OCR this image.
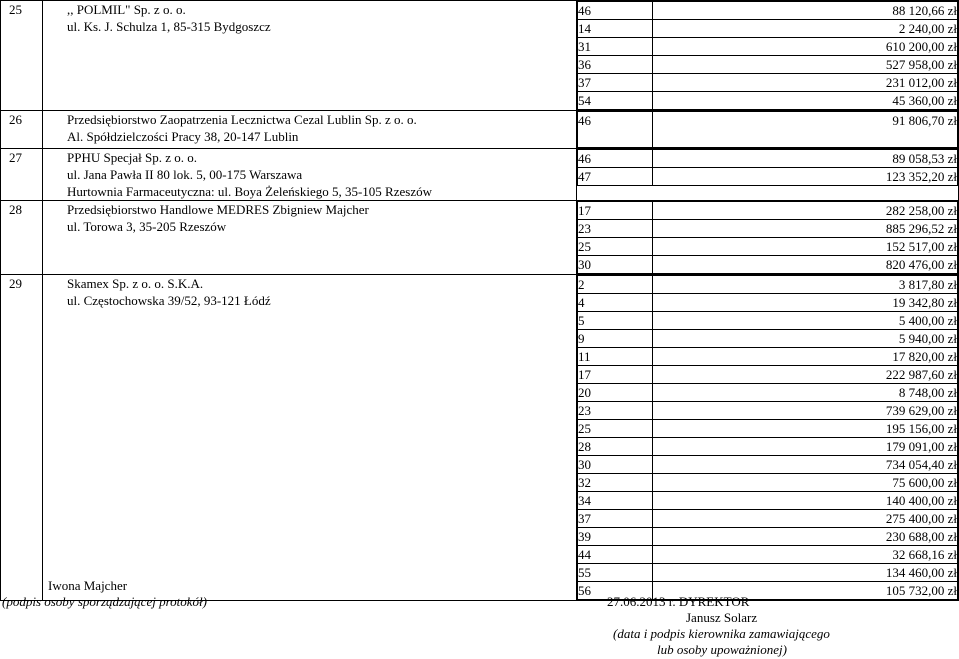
25	,, POLMIL" Sp. z o. o.
ul. Ks. J. Schulza 1, 85-315 Bydgoszcz

46	88 120,66 zł
14	2 240,00 zł
31	610 200,00 zł
36	527 958,00 zł
37	231 012,00 zł
54	45 360,00 zł

26	Przedsiębiorstwo Zaopatrzenia Lecznictwa Cezal Lublin Sp. z o. o.
Al. Spółdzielczości Pracy 38, 20-147 Lublin

46	91 806,70 zł

27	PPHU Specjał Sp. z o. o.
ul. Jana Pawła II 80 lok. 5, 00-175 Warszawa
Hurtownia Farmaceutyczna: ul. Boya Żeleńskiego 5, 35-105 Rzeszów

46	89 058,53 zł
47	123 352,20 zł

28	Przedsiębiorstwo Handlowe MEDRES Zbigniew Majcher
ul. Torowa 3, 35-205 Rzeszów

17	282 258,00 zł
23	885 296,52 zł
25	152 517,00 zł
30	820 476,00 zł

29	Skamex Sp. z o. o. S.K.A.
ul. Częstochowska 39/52, 93-121 Łódź

2	3 817,80 zł
4	19 342,80 zł
5	5 400,00 zł
9	5 940,00 zł
11	17 820,00 zł
17	222 987,60 zł
20	8 748,00 zł
23	739 629,00 zł
25	195 156,00 zł
28	179 091,00 zł
30	734 054,40 zł
32	75 600,00 zł
34	140 400,00 zł
37	275 400,00 zł
39	230 688,00 zł
44	32 668,16 zł
55	134 460,00 zł
56	105 732,00 zł
Iwona Majcher
(podpis osoby sporządzającej protokół)	27.06.2013 r. DYREKTOR
Janusz Solarz
(data i podpis kierownika zamawiającego
lub osoby upoważnionej)
